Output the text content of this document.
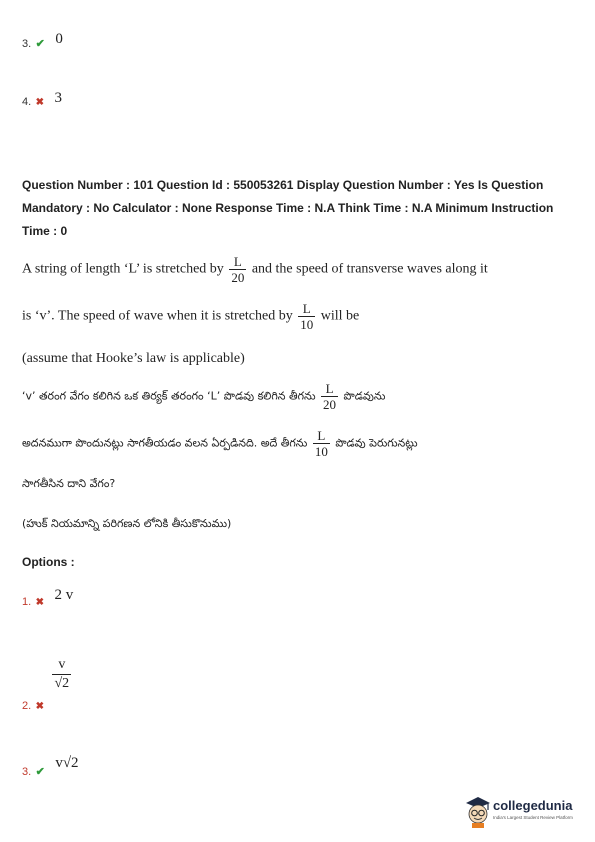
3. ✔ 0
4. ✖ 3
Question Number : 101 Question Id : 550053261 Display Question Number : Yes Is Question Mandatory : No Calculator : None Response Time : N.A Think Time : N.A Minimum Instruction Time : 0
A string of length ‘L’ is stretched by $\frac{L}{20}$ and the speed of transverse waves along it
is ‘v’. The speed of wave when it is stretched by $\frac{L}{10}$ will be
(assume that Hooke’s law is applicable)
‘v’ తరంగ వేగం కలిగిన ఒక తిర్యక్ తరంగం ‘L’ పొడవు కలిగిన తీగను $\frac{L}{20}$ పొడవును
అదనముగా పొందునట్లు సాగతీయడం వలన ఏర్పడినది. అదే తీగను $\frac{L}{10}$ పొడవు పెరుగునట్లు
సాగతీసిన దాని వేగం?
(హుక్ నియమాన్ని పరిగణన లోనికి తీసుకొనుము)
Options :
1. ✖ 2 v
$_{2.}$ $_✖$
$\frac{v}{√2}$
3. ✔ v√2
collegedunia
India's Largest Student Review Platform
